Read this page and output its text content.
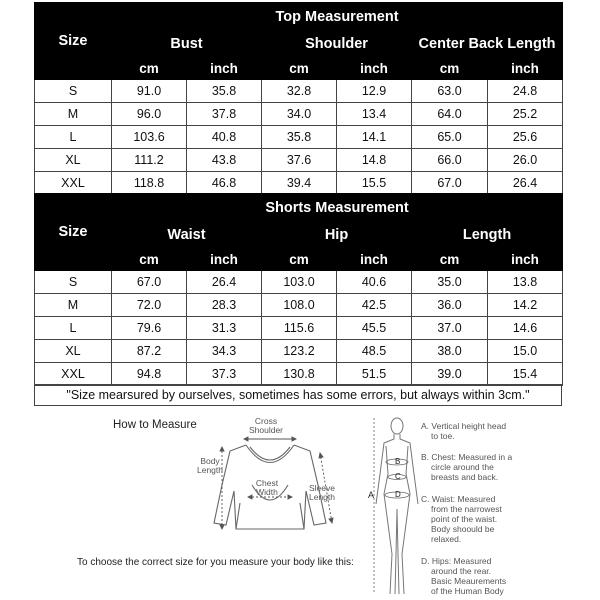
Size	Top Measurement					
	Bust		Shoulder		Center Back Length	
	cm	inch	cm	inch	cm	inch
S	91.0	35.8	32.8	12.9	63.0	24.8
M	96.0	37.8	34.0	13.4	64.0	25.2
L	103.6	40.8	35.8	14.1	65.0	25.6
XL	111.2	43.8	37.6	14.8	66.0	26.0
XXL	118.8	46.8	39.4	15.5	67.0	26.4
Size	Shorts Measurement					
	Waist		Hip		Length	
	cm	inch	cm	inch	cm	inch
S	67.0	26.4	103.0	40.6	35.0	13.8
M	72.0	28.3	108.0	42.5	36.0	14.2
L	79.6	31.3	115.6	45.5	37.0	14.6
XL	87.2	34.3	123.2	48.5	38.0	15.0
XXL	94.8	37.3	130.8	51.5	39.0	15.4
"Size mearsured by ourselves, sometimes has some errors, but always within 3cm."
How to Measure	Cross
Shoulder
Body
Length
Chest
Width	Sleeve
Length
To choose the correct size for you measure your body like this:
A
B
C
D
A. Vertical height head
to toe.
B. Chest: Measured in a
circle around the
breasts and back.
C. Waist: Measured
from the narrowest
point of the waist.
Body shoould be
relaxed.
D. Hips: Measured
around the rear.
Basic Meaurements
of the Human Body
